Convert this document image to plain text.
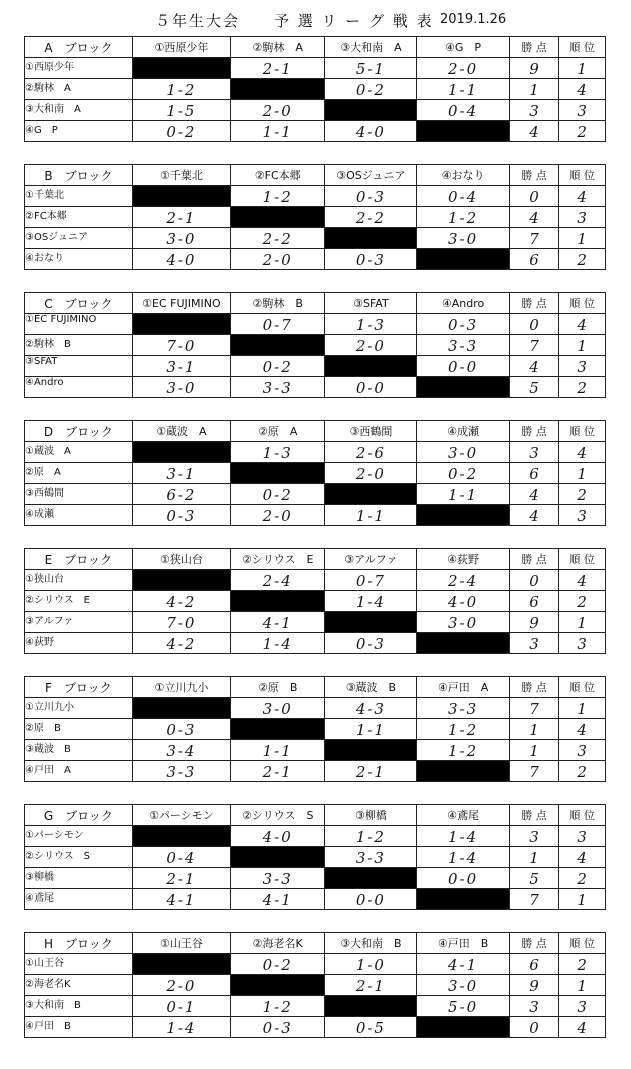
５年生大会　　予 選 リ ー グ 戦 表 2019.1.26
A　ブロック	①西原少年	②駒林　A	③大和南　A	④G　P	勝 点	順 位
①西原少年		2-1	5-1	2-0	9	1
②駒林　A	1-2		0-2	1-1	1	4
③大和南　A	1-5	2-0		0-4	3	3
④G　P	0-2	1-1	4-0		4	2
B　ブロック	①千葉北	②FC本郷	③OSジュニア	④おなり	勝 点	順 位
①千葉北		1-2	0-3	0-4	0	4
②FC本郷	2-1		2-2	1-2	4	3
③OSジュニア	3-0	2-2		3-0	7	1
④おなり	4-0	2-0	0-3		6	2
C　ブロック	①EC FUJIMINO	②駒林　B	③SFAT	④Andro	勝 点	順 位
①EC FUJIMINO		0-7	1-3	0-3	0	4
②駒林　B	7-0		2-0	3-3	7	1
③SFAT	3-1	0-2		0-0	4	3
④Andro	3-0	3-3	0-0		5	2
D　ブロック	①蔵波　A	②原　A	③西鶴間	④成瀬	勝 点	順 位
①蔵波　A		1-3	2-6	3-0	3	4
②原　A	3-1		2-0	0-2	6	1
③西鶴間	6-2	0-2		1-1	4	2
④成瀬	0-3	2-0	1-1		4	3
E　ブロック	①狭山台	②シリウス　E	③アルファ	④荻野	勝 点	順 位
①狭山台		2-4	0-7	2-4	0	4
②シリウス　E	4-2		1-4	4-0	6	2
③アルファ	7-0	4-1		3-0	9	1
④荻野	4-2	1-4	0-3		3	3
F　ブロック	①立川九小	②原　B	③蔵波　B	④戸田　A	勝 点	順 位
①立川九小		3-0	4-3	3-3	7	1
②原　B	0-3		1-1	1-2	1	4
③蔵波　B	3-4	1-1		1-2	1	3
④戸田　A	3-3	2-1	2-1		7	2
G　ブロック	①パーシモン	②シリウス　S	③柳橋	④鳶尾	勝 点	順 位
①パーシモン		4-0	1-2	1-4	3	3
②シリウス　S	0-4		3-3	1-4	1	4
③柳橋	2-1	3-3		0-0	5	2
④鳶尾	4-1	4-1	0-0		7	1
H　ブロック	①山王谷	②海老名K	③大和南　B	④戸田　B	勝 点	順 位
①山王谷		0-2	1-0	4-1	6	2
②海老名K	2-0		2-1	3-0	9	1
③大和南　B	0-1	1-2		5-0	3	3
④戸田　B	1-4	0-3	0-5		0	4
